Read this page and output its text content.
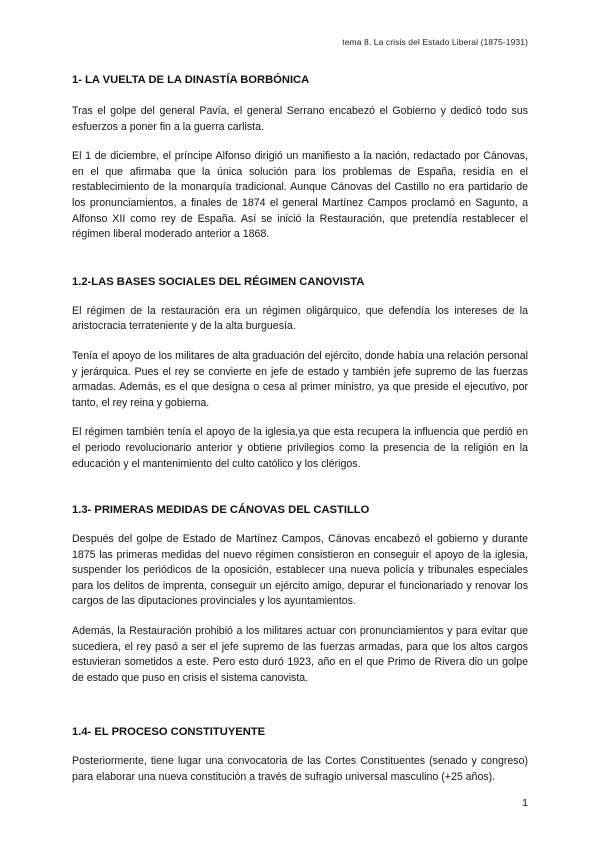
tema 8. La crisis del Estado Liberal (1875-1931)
1- LA VUELTA DE LA DINASTÍA BORBÓNICA

Tras el golpe del general Pavía, el general Serrano encabezó el Gobierno y dedicó todo sus esfuerzos a poner fin a la guerra carlista.

El 1 de diciembre, el príncipe Alfonso dirigió un manifiesto a la nación, redactado por Cánovas, en el que afirmaba que la única solución para los problemas de España, residía en el restablecimiento de la monarquía tradicional. Aunque Cánovas del Castillo no era partidario de los pronunciamientos, a finales de 1874 el general Martínez Campos proclamó en Sagunto, a Alfonso XII como rey de España. Así se inició la Restauración, que pretendía restablecer el régimen liberal moderado anterior a 1868.

1.2-LAS BASES SOCIALES DEL RÉGIMEN CANOVISTA

El régimen de la restauración era un régimen oligárquico, que defendía los intereses de la aristocracia terrateniente y de la alta burguesía.

Tenía el apoyo de los militares de alta graduación del ejército, donde había una relación personal y jerárquica. Pues el rey se convierte en jefe de estado y también jefe supremo de las fuerzas armadas. Además, es el que designa o cesa al primer ministro, ya que preside el ejecutivo, por tanto, el rey reina y gobierna.

El régimen también tenía el apoyo de la iglesia,ya que esta recupera la influencia que perdió en el periodo revolucionario anterior y obtiene privilegios como la presencia de la religión en la educación y el mantenimiento del culto católico y los clérigos.

1.3- PRIMERAS MEDIDAS DE CÁNOVAS DEL CASTILLO

Después del golpe de Estado de Martínez Campos, Cánovas encabezó el gobierno y durante 1875 las primeras medidas del nuevo régimen consistieron en conseguir el apoyo de la iglesia, suspender los periódicos de la oposición, establecer una nueva policía y tribunales especiales para los delitos de imprenta, conseguir un ejército amigo, depurar el funcionariado y renovar los cargos de las diputaciones provinciales y los ayuntamientos.

Además, la Restauración prohibió a los militares actuar con pronunciamientos y para evitar que sucediera, el rey pasó a ser el jefe supremo de las fuerzas armadas, para que los altos cargos estuvieran sometidos a este. Pero esto duró 1923, año en el que Primo de Rivera dio un golpe de estado que puso en crisis el sistema canovista.

1.4- EL PROCESO CONSTITUYENTE

Posteriormente, tiene lugar una convocatoria de las Cortes Constituentes (senado y congreso) para elaborar una nueva constitución a través de sufragio universal masculino (+25 años).

1
